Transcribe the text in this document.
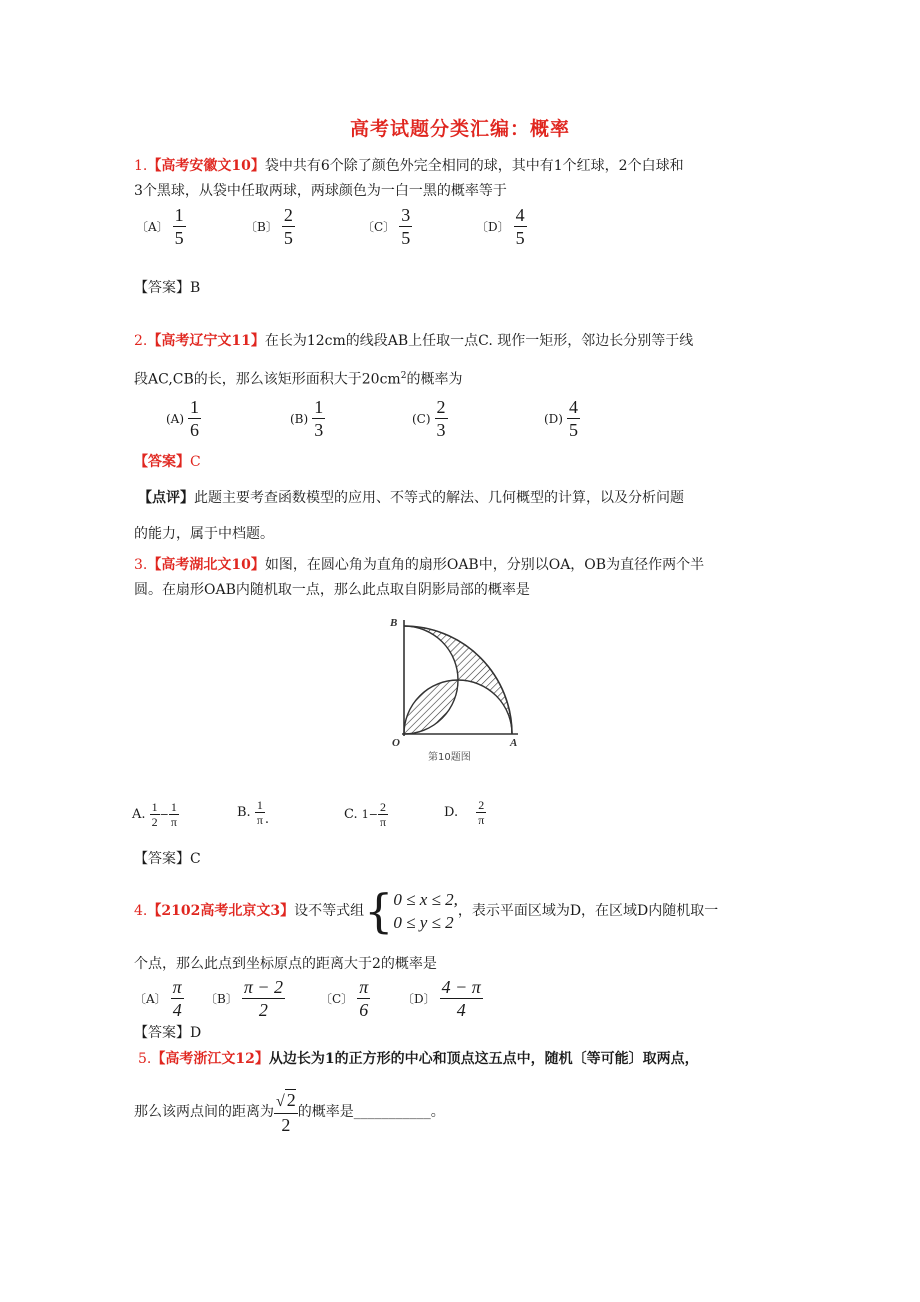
高考试题分类汇编：概率
1.【高考安徽文10】袋中共有6个除了颜色外完全相同的球，其中有1个红球，2个白球和
3个黑球，从袋中任取两球，两球颜色为一白一黑的概率等于
〔A〕 $\frac{1}{5}$	〔B〕 $\frac{2}{5}$	〔C〕 $\frac{3}{5}$	〔D〕 $\frac{4}{5}$
【答案】B
2.【高考辽宁文11】在长为12cm的线段AB上任取一点C. 现作一矩形，邻边长分别等于线
段AC,CB的长，那么该矩形面积大于$20cm^2$的概率为
$(A) \frac{1}{6}$	$(B) \frac{1}{3}$	$(C) \frac{2}{3}$	$(D) \frac{4}{5}$
【答案】C
【点评】此题主要考查函数模型的应用、不等式的解法、几何概型的计算，以及分析问题
的能力，属于中档题。
3.【高考湖北文10】如图，在圆心角为直角的扇形OAB中，分别以OA，OB为直径作两个半
圆。在扇形OAB内随机取一点，那么此点取自阴影局部的概率是
B
O	A
第10题图
A. $\frac{1}{2} - \frac{1}{\pi}$	B. $\frac{1}{\pi}$ .	C. $1- \frac{2}{\pi}$	D. $\frac{2}{\pi}$
【答案】C
4.【2102高考北京文3】设不等式组{ 0 ≤ x ≤ 2,
0 ≤ y ≤ 2
，表示平面区域为D，在区域D内随机取一
个点，那么此点到坐标原点的距离大于2的概率是
〔A〕 $\frac{\pi}{4}$ 〔B〕 $\frac{\pi - 2}{2}$	〔C〕 $\frac{\pi}{6}$	〔D〕 $\frac{4 - \pi}{4}$
【答案】D
5.【高考浙江文12】从边长为1的正方形的中心和顶点这五点中，随机〔等可能〕取两点，
那么该两点间的距离为 $\frac{√ 2}{2}$ 的概率是___________。
